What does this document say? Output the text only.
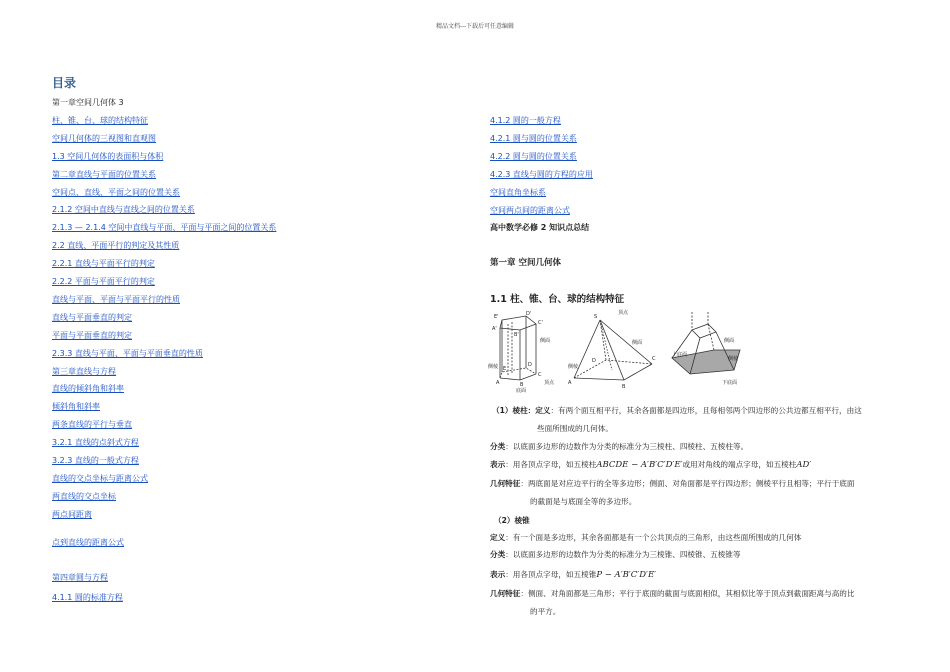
精品文档---下载后可任意编辑
目录
第一章空间几何体 3
柱、锥、台、球的结构特征
空间几何体的三视图和直观图
1.3 空间几何体的表面积与体积
第二章直线与平面的位置关系
空间点、直线、平面之间的位置关系
2.1.2 空间中直线与直线之间的位置关系
2.1.3 — 2.1.4 空间中直线与平面、平面与平面之间的位置关系
2.2 直线、平面平行的判定及其性质
2.2.1 直线与平面平行的判定
2.2.2 平面与平面平行的判定
直线与平面、平面与平面平行的性质
直线与平面垂直的判定
平面与平面垂直的判定
2.3.3 直线与平面、平面与平面垂直的性质
第三章直线与方程
直线的倾斜角和斜率
倾斜角和斜率
两条直线的平行与垂直
3.2.1 直线的点斜式方程
3.2.3 直线的一般式方程
直线的交点坐标与距离公式
两直线的交点坐标
两点间距离
点到直线的距离公式
第四章圆与方程
4.1.1 圆的标准方程
4.1.2 圆的一般方程
4.2.1 圆与圆的位置关系
4.2.2 圆与圆的位置关系
4.2.3 直线与圆的方程的应用
空间直角坐标系
空间两点间的距离公式
高中数学必修 2 知识点总结
第一章 空间几何体
1.1 柱、锥、台、球的结构特征
E'	D'
A'
B'
C'
E
D
A	B
C
侧棱
侧面
底面
顶点
S
顶点
侧面
侧棱
D	C
A
B
上底面
侧面
侧棱
下底面
（1）棱柱：定义：有两个面互相平行，其余各面都是四边形，且每相邻两个四边形的公共边都互相平行，由这
些面所围成的几何体。
分类：以底面多边形的边数作为分类的标准分为三棱柱、四棱柱、五棱柱等。
表示：用各顶点字母，如五棱柱ABCDE − A′B′C′D′E′或用对角线的端点字母，如五棱柱AD′
几何特征：两底面是对应边平行的全等多边形；侧面、对角面都是平行四边形；侧棱平行且相等；平行于底面
的截面是与底面全等的多边形。
（2）棱锥
定义：有一个面是多边形，其余各面都是有一个公共顶点的三角形，由这些面所围成的几何体
分类：以底面多边形的边数作为分类的标准分为三棱锥、四棱锥、五棱锥等
表示：用各顶点字母，如五棱锥P − A′B′C′D′E′
几何特征：侧面、对角面都是三角形；平行于底面的截面与底面相似，其相似比等于顶点到截面距离与高的比
的平方。
